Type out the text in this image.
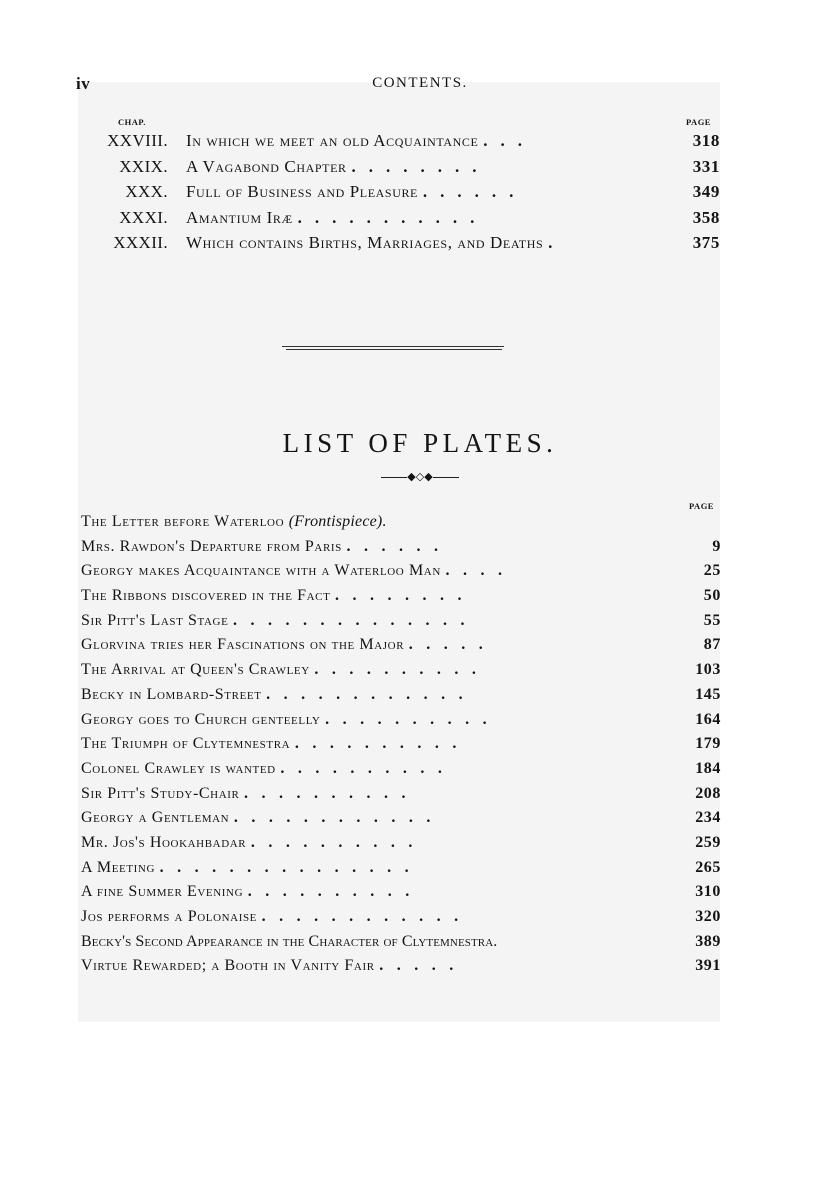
iv	CONTENTS.
CHAP.	PAGE
XXVIII.	In which we meet an old Acquaintance ...	318
XXIX.	A Vagabond Chapter ........	331
XXX.	Full of Business and Pleasure ......	349
XXXI.	Amantium Iræ ...........	358
XXXII.	Which contains Births, Marriages, and Deaths .	375
LIST OF PLATES.
◆◇◆
PAGE
The Letter before Waterloo (Frontispiece).
Mrs. Rawdon's Departure from Paris ......	9
Georgy makes Acquaintance with a Waterloo Man ....	25
The Ribbons discovered in the Fact ........	50
Sir Pitt's Last Stage ..............	55
Glorvina tries her Fascinations on the Major .....	87
The Arrival at Queen's Crawley ..........	103
Becky in Lombard-Street ............	145
Georgy goes to Church genteelly ..........	164
The Triumph of Clytemnestra ..........	179
Colonel Crawley is wanted ..........	184
Sir Pitt's Study-Chair ..........	208
Georgy a Gentleman ............	234
Mr. Jos's Hookahbadar ..........	259
A Meeting ...............	265
A fine Summer Evening ..........	310
Jos performs a Polonaise ............	320
Becky's Second Appearance in the Character of Clytemnestra.	389
Virtue Rewarded; a Booth in Vanity Fair .....	391
